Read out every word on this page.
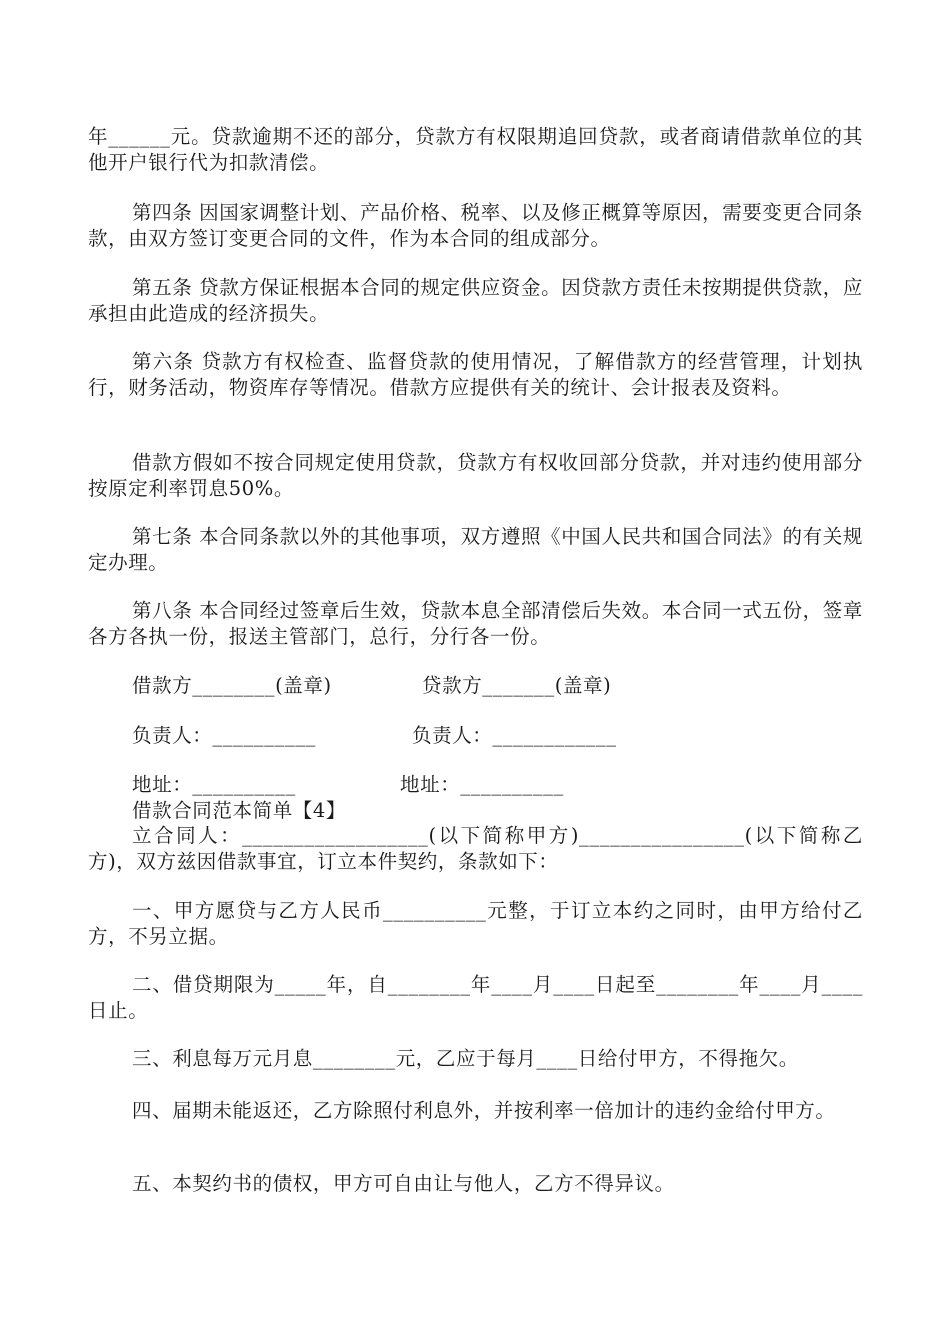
年______元。贷款逾期不还的部分，贷款方有权限期追回贷款，或者商请借款单位的其他开户银行代为扣款清偿。

第四条 因国家调整计划、产品价格、税率、以及修正概算等原因，需要变更合同条款，由双方签订变更合同的文件，作为本合同的组成部分。

第五条 贷款方保证根据本合同的规定供应资金。因贷款方责任未按期提供贷款，应承担由此造成的经济损失。

第六条 贷款方有权检查、监督贷款的使用情况，了解借款方的经营管理，计划执行，财务活动，物资库存等情况。借款方应提供有关的统计、会计报表及资料。

借款方假如不按合同规定使用贷款，贷款方有权收回部分贷款，并对违约使用部分按原定利率罚息50%。

第七条 本合同条款以外的其他事项，双方遵照《中国人民共和国合同法》的有关规定办理。

第八条 本合同经过签章后生效，贷款本息全部清偿后失效。本合同一式五份，签章各方各执一份，报送主管部门，总行，分行各一份。

借款方________(盖章)	贷款方_______(盖章)
负责人：__________	负责人：____________
地址：__________	地址：__________

借款合同范本简单【4】

立合同人：__________________(以下简称甲方)________________(以下简称乙方)，双方兹因借款事宜，订立本件契约，条款如下：

一、甲方愿贷与乙方人民币__________元整，于订立本约之同时，由甲方给付乙方，不另立据。

二、借贷期限为_____年，自________年____月____日起至________年____月____日止。

三、利息每万元月息________元，乙应于每月____日给付甲方，不得拖欠。

四、届期未能返还，乙方除照付利息外，并按利率一倍加计的违约金给付甲方。

五、本契约书的债权，甲方可自由让与他人，乙方不得异议。
